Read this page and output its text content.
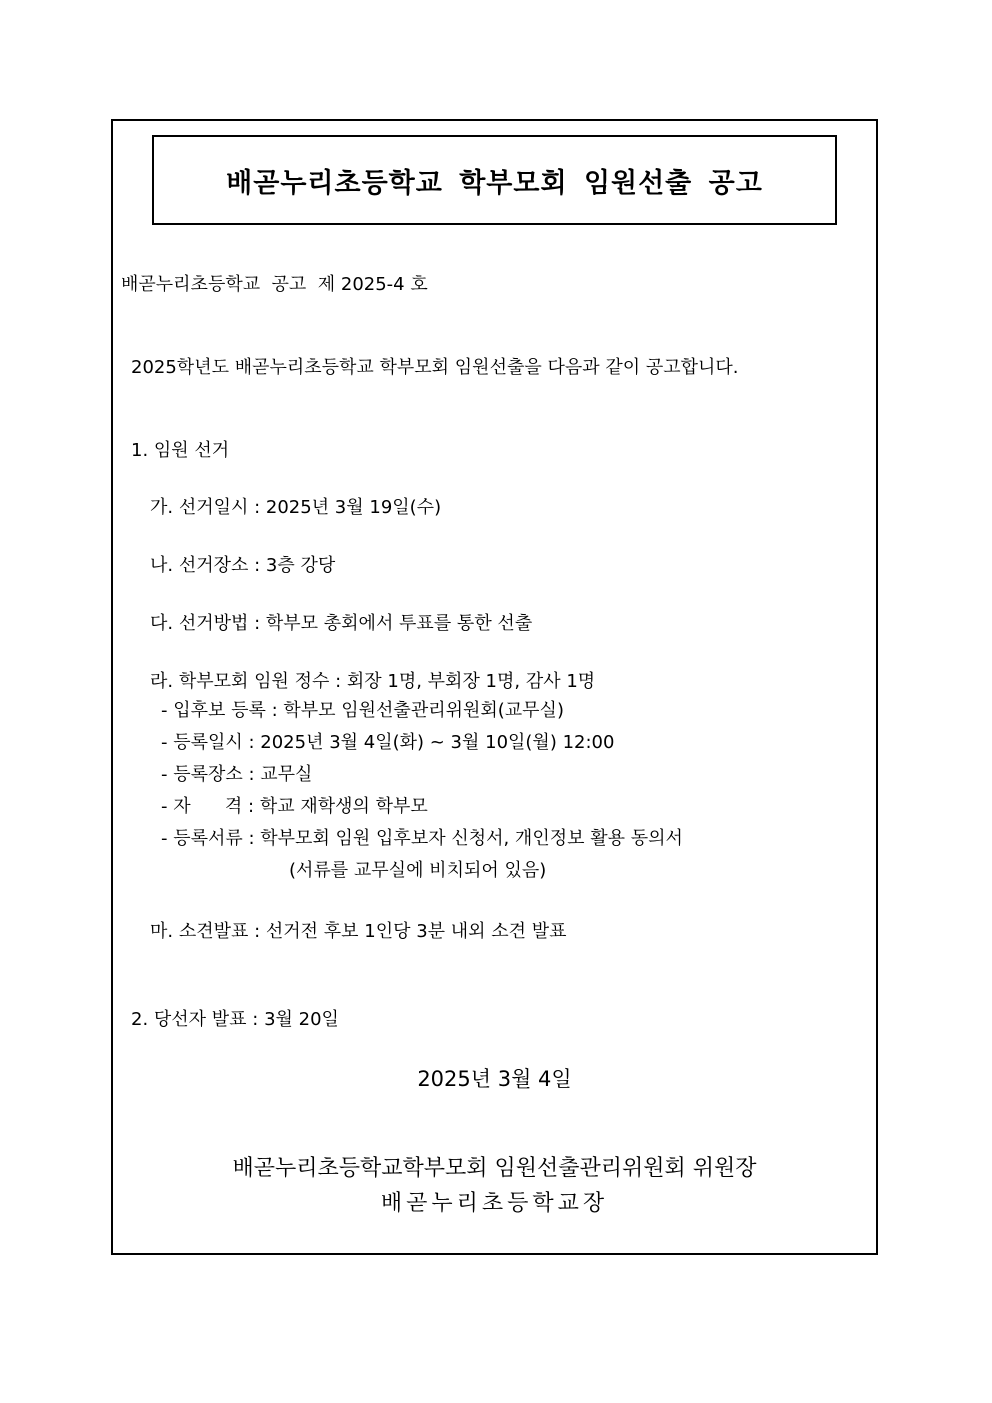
배곧누리초등학교 학부모회 임원선출 공고
배곧누리초등학교  공고  제 2025-4 호
2025학년도 배곧누리초등학교 학부모회 임원선출을 다음과 같이 공고합니다.
1. 임원 선거
가. 선거일시 : 2025년 3월 19일(수)
나. 선거장소 : 3층 강당
다. 선거방법 : 학부모 총회에서 투표를 통한 선출
라. 학부모회 임원 정수 : 회장 1명, 부회장 1명, 감사 1명
- 입후보 등록 : 학부모 임원선출관리위원회(교무실)
- 등록일시 : 2025년 3월 4일(화) ~ 3월 10일(월) 12:00
- 등록장소 : 교무실
- 자      격 : 학교 재학생의 학부모
- 등록서류 : 학부모회 임원 입후보자 신청서, 개인정보 활용 동의서
(서류를 교무실에 비치되어 있음)
마. 소견발표 : 선거전 후보 1인당 3분 내외 소견 발표
2. 당선자 발표 : 3월 20일
2025년 3월 4일
배곧누리초등학교학부모회 임원선출관리위원회 위원장
배곧누리초등학교장
